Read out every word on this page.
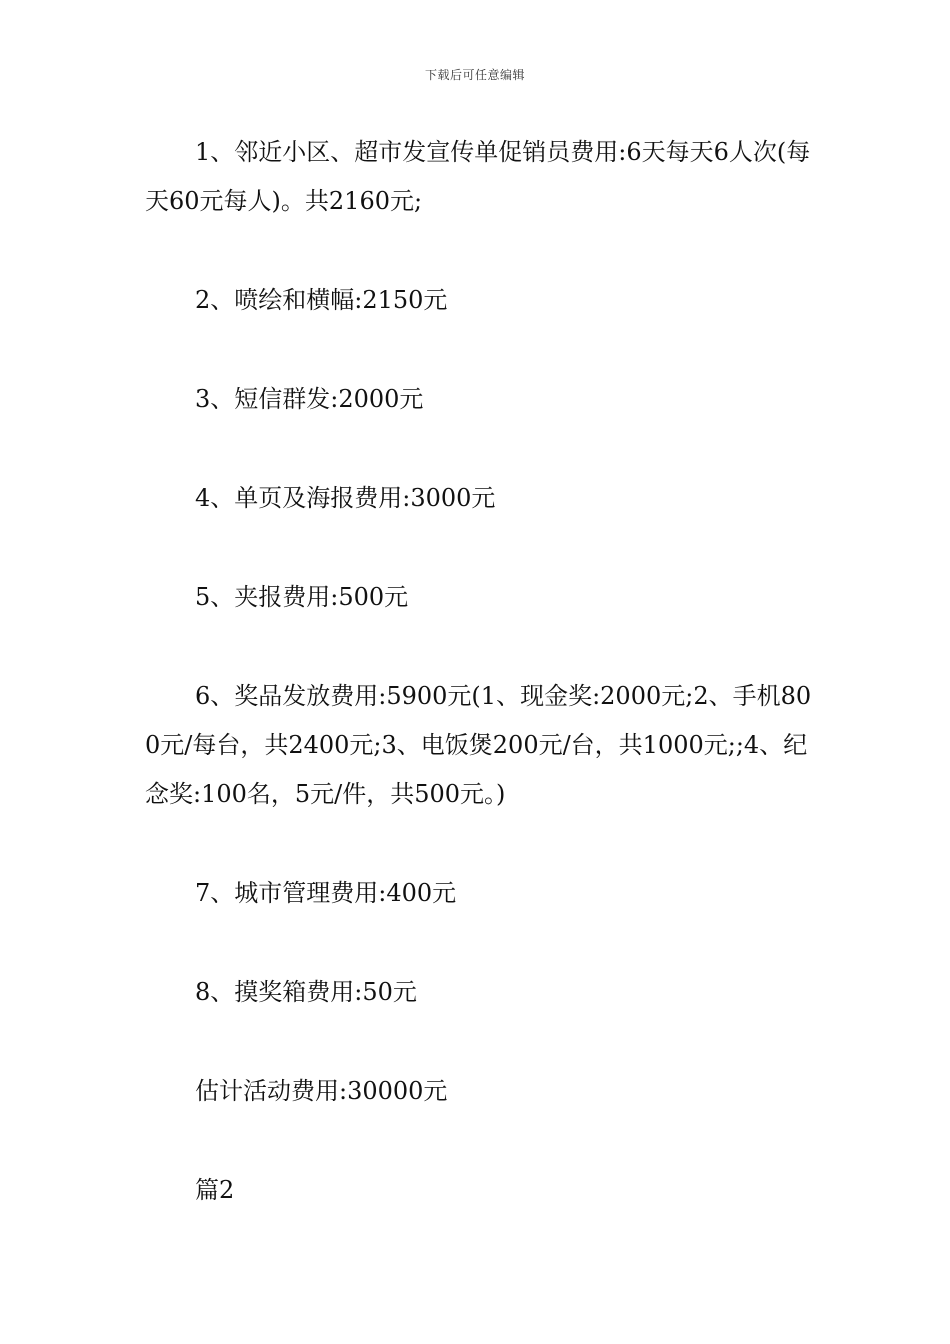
下载后可任意编辑

1、邻近小区、超市发宣传单促销员费用:6天每天6人次(每天60元每人)。共2160元;

2、喷绘和横幅:2150元

3、短信群发:2000元

4、单页及海报费用:3000元

5、夹报费用:500元

6、奖品发放费用:5900元(1、现金奖:2000元;2、手机800元/每台，共2400元;3、电饭煲200元/台，共1000元;;4、纪念奖:100名，5元/件，共500元。)

7、城市管理费用:400元

8、摸奖箱费用:50元

估计活动费用:30000元

篇2
